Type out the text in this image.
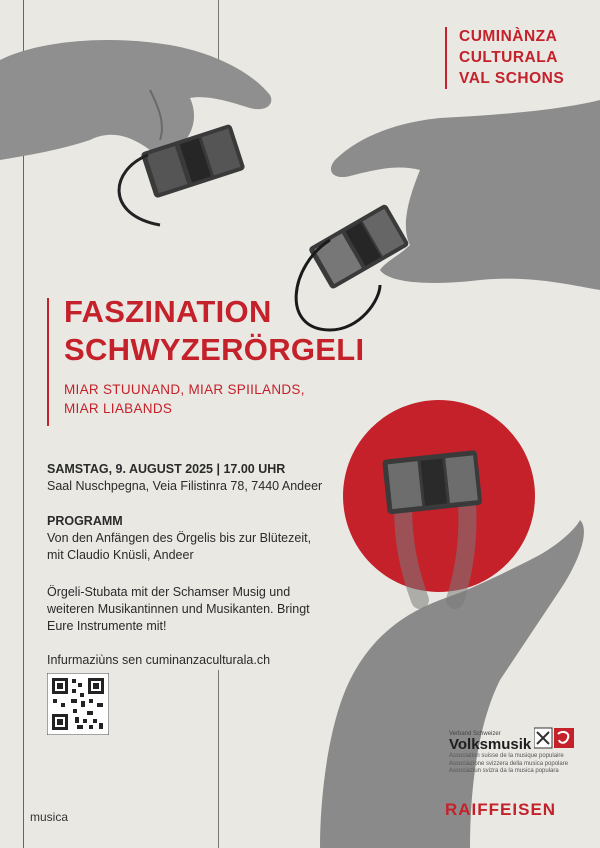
CUMINÀNZA
CULTURALA
VAL SCHONS
FASZINATION
SCHWYZERÖRGELI
MIAR STUUNAND, MIAR SPIILANDS,
MIAR LIABANDS
SAMSTAG, 9. AUGUST 2025 | 17.00 UHR
Saal Nuschpegna, Veia Filistinra 78, 7440 Andeer
PROGRAMM
Von den Anfängen des Örgelis bis zur Blütezeit,
mit Claudio Knüsli, Andeer
Örgeli-Stubata mit der Schamser Musig und
weiteren Musikantinnen und Musikanten. Bringt
Eure Instrumente mit!
Infurmaziùns sen cuminanzaculturala.ch
musica
Verband Schweizer
Volksmusik
Association suisse de la musique populaire
Associazione svizzera della musica popolare
Associaziun svizra da la musica populara
RAIFFEISEN
